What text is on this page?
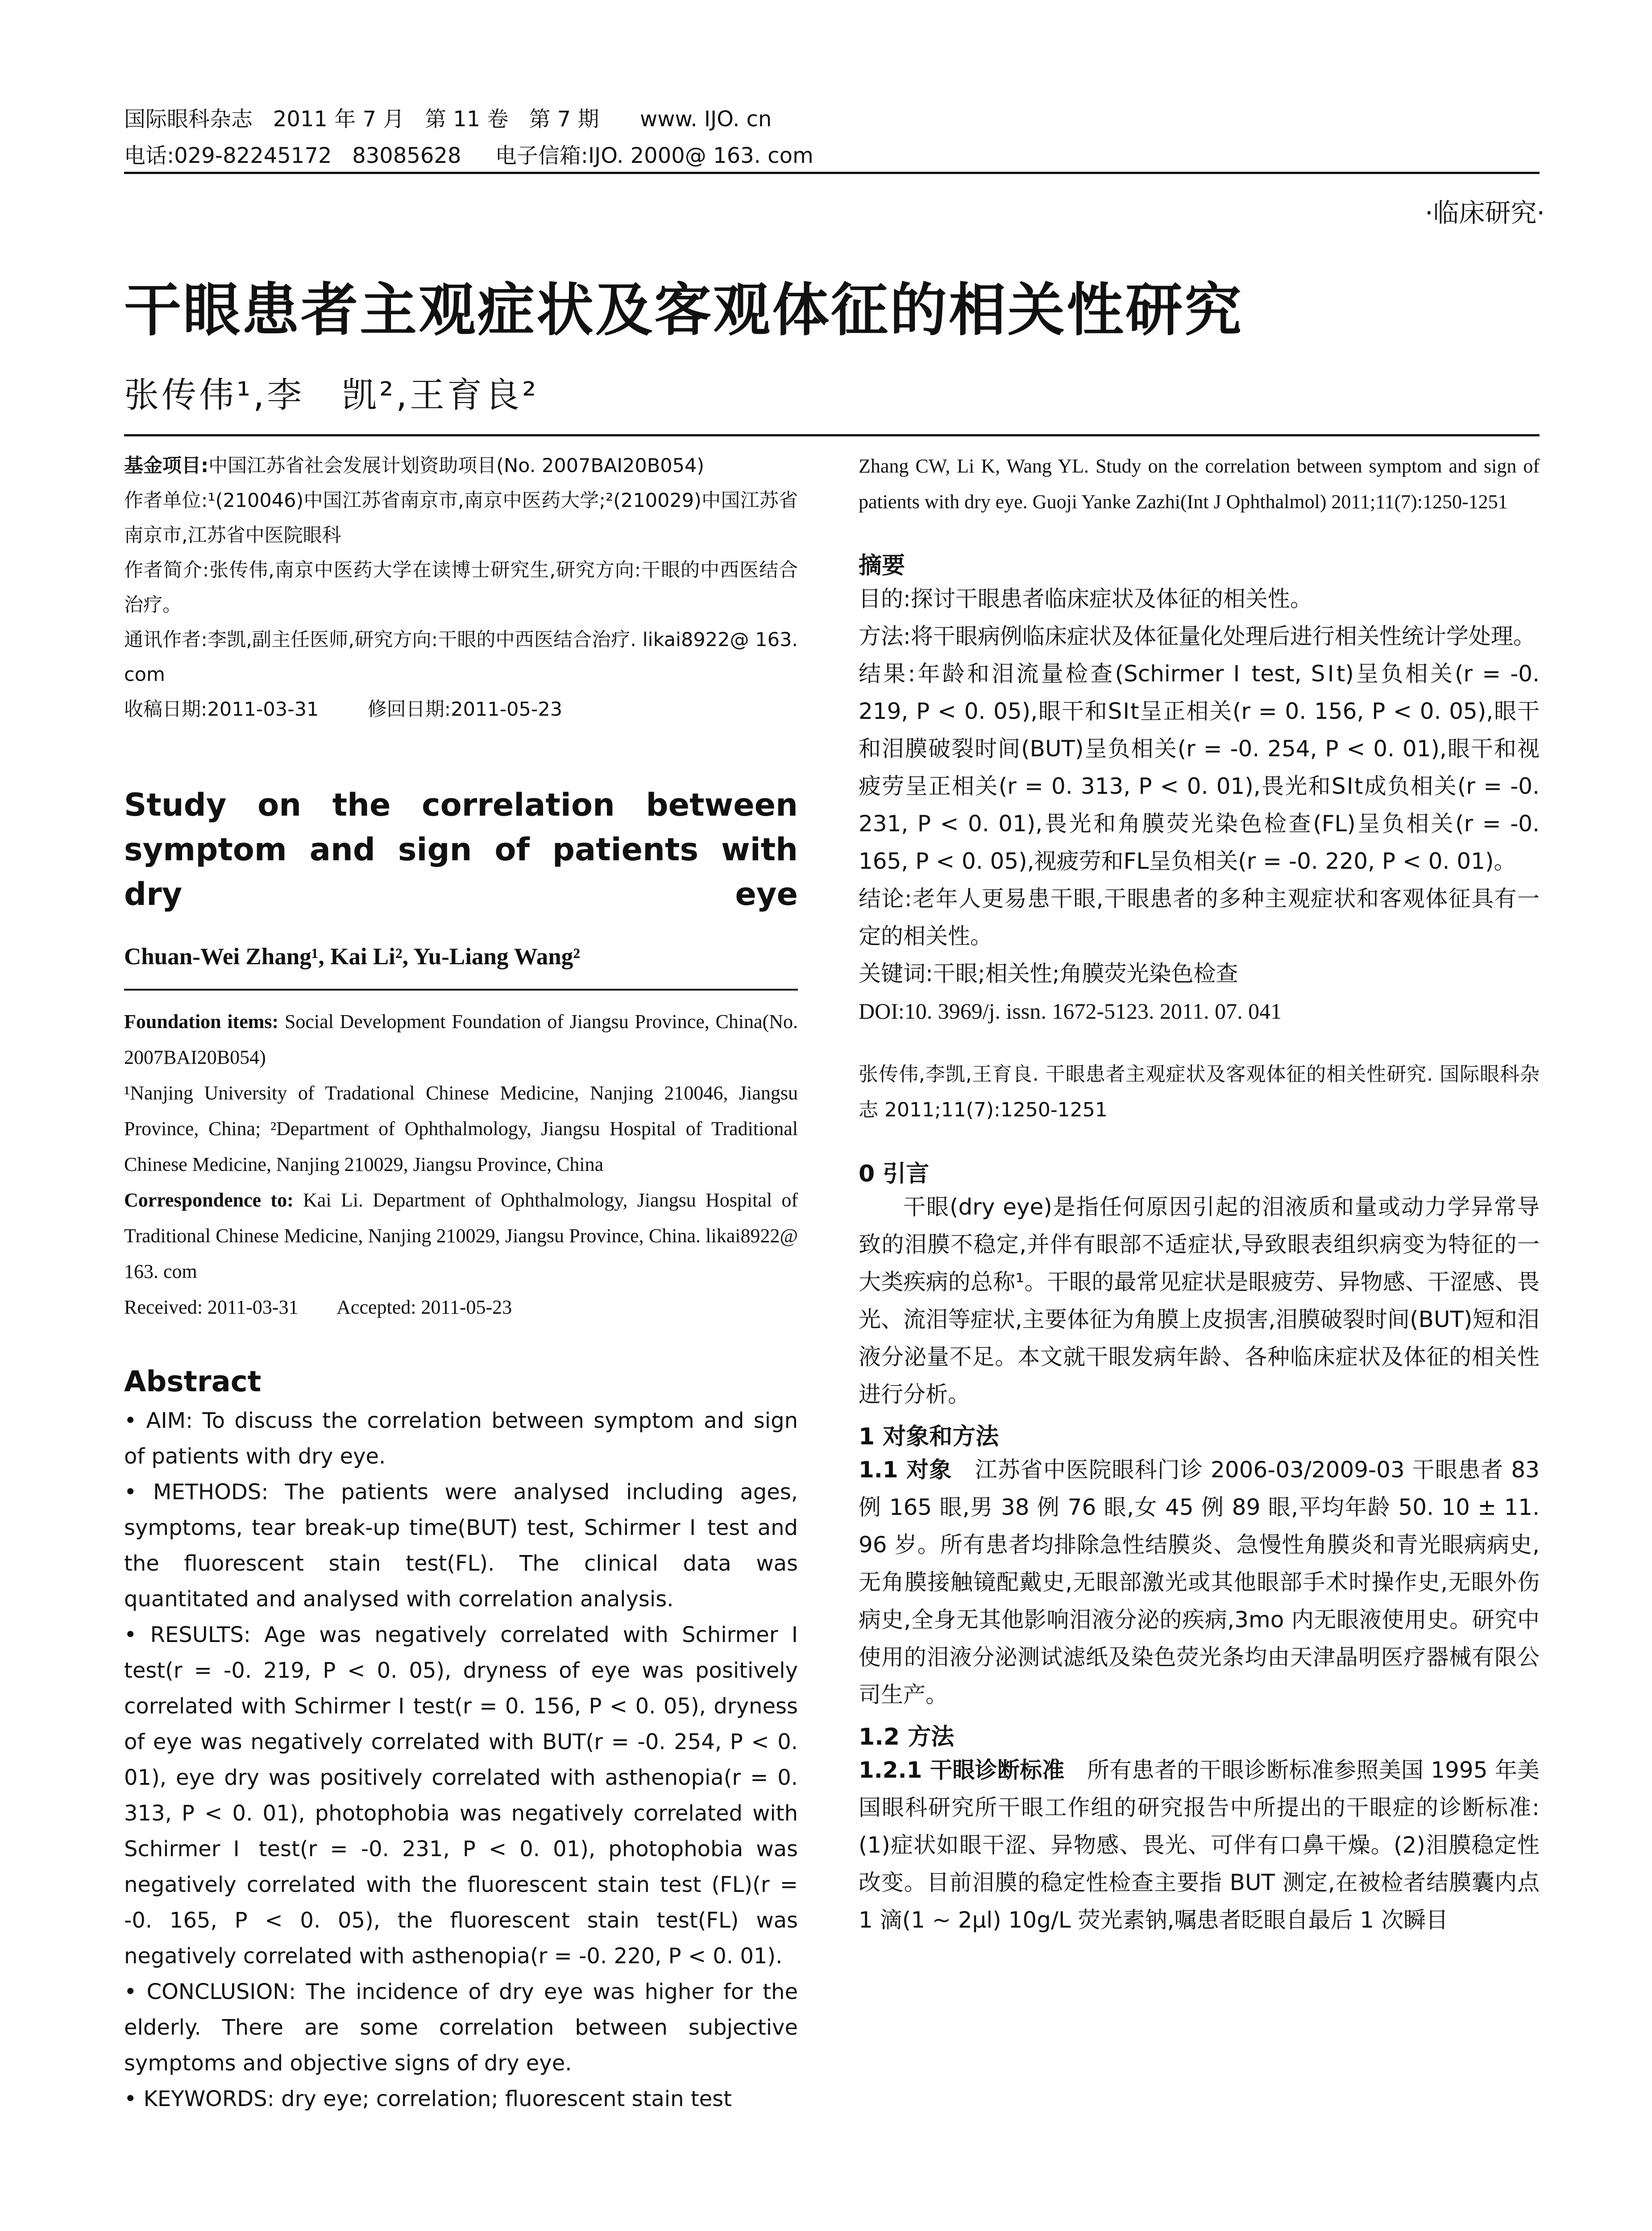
国际眼科杂志   2011 年 7 月   第 11 卷   第 7 期      www. IJO. cn
电话:029-82245172   83085628     电子信箱:IJO. 2000@ 163. com
·临床研究·
干眼患者主观症状及客观体征的相关性研究
张传伟¹,李　凯²,王育良²

基金项目:中国江苏省社会发展计划资助项目(No. 2007BAI20B054)

作者单位:¹(210046)中国江苏省南京市,南京中医药大学;²(210029)中国江苏省南京市,江苏省中医院眼科

作者简介:张传伟,南京中医药大学在读博士研究生,研究方向:干眼的中西医结合治疗。

通讯作者:李凯,副主任医师,研究方向:干眼的中西医结合治疗. likai8922@ 163. com

收稿日期:2011-03-31        修回日期:2011-05-23

Study on the correlation between symptom and sign of patients with dry eye
Chuan-Wei Zhang¹, Kai Li², Yu-Liang Wang²

Foundation items: Social Development Foundation of Jiangsu Province, China(No. 2007BAI20B054)

¹Nanjing University of Tradational Chinese Medicine, Nanjing 210046, Jiangsu Province, China; ²Department of Ophthalmology, Jiangsu Hospital of Traditional Chinese Medicine, Nanjing 210029, Jiangsu Province, China

Correspondence to: Kai Li. Department of Ophthalmology, Jiangsu Hospital of Traditional Chinese Medicine, Nanjing 210029, Jiangsu Province, China. likai8922@ 163. com

Received: 2011-03-31        Accepted: 2011-05-23

Abstract

• AIM: To discuss the correlation between symptom and sign of patients with dry eye.

• METHODS: The patients were analysed including ages, symptoms, tear break-up time(BUT) test, Schirmer Ⅰ test and the fluorescent stain test(FL). The clinical data was quantitated and analysed with correlation analysis.

• RESULTS: Age was negatively correlated with Schirmer Ⅰ test(r = -0. 219, P < 0. 05), dryness of eye was positively correlated with Schirmer Ⅰ test(r = 0. 156, P < 0. 05), dryness of eye was negatively correlated with BUT(r = -0. 254, P < 0. 01), eye dry was positively correlated with asthenopia(r = 0. 313, P < 0. 01), photophobia was negatively correlated with Schirmer Ⅰ test(r = -0. 231, P < 0. 01), photophobia was negatively correlated with the fluorescent stain test (FL)(r = -0. 165, P < 0. 05), the fluorescent stain test(FL) was negatively correlated with asthenopia(r = -0. 220, P < 0. 01).

• CONCLUSION: The incidence of dry eye was higher for the elderly. There are some correlation between subjective symptoms and objective signs of dry eye.

• KEYWORDS: dry eye; correlation; fluorescent stain test

Zhang CW, Li K, Wang YL. Study on the correlation between symptom and sign of patients with dry eye. Guoji Yanke Zazhi(Int J Ophthalmol) 2011;11(7):1250-1251

摘要

目的:探讨干眼患者临床症状及体征的相关性。

方法:将干眼病例临床症状及体征量化处理后进行相关性统计学处理。

结果:年龄和泪流量检查(Schirmer Ⅰ test, SⅠt)呈负相关(r = -0. 219, P < 0. 05),眼干和SⅠt呈正相关(r = 0. 156, P < 0. 05),眼干和泪膜破裂时间(BUT)呈负相关(r = -0. 254, P < 0. 01),眼干和视疲劳呈正相关(r = 0. 313, P < 0. 01),畏光和SⅠt成负相关(r = -0. 231, P < 0. 01),畏光和角膜荧光染色检查(FL)呈负相关(r = -0. 165, P < 0. 05),视疲劳和FL呈负相关(r = -0. 220, P < 0. 01)。

结论:老年人更易患干眼,干眼患者的多种主观症状和客观体征具有一定的相关性。

关键词:干眼;相关性;角膜荧光染色检查

DOI:10. 3969/j. issn. 1672-5123. 2011. 07. 041

张传伟,李凯,王育良. 干眼患者主观症状及客观体征的相关性研究. 国际眼科杂志 2011;11(7):1250-1251

0 引言

干眼(dry eye)是指任何原因引起的泪液质和量或动力学异常导致的泪膜不稳定,并伴有眼部不适症状,导致眼表组织病变为特征的一大类疾病的总称¹。干眼的最常见症状是眼疲劳、异物感、干涩感、畏光、流泪等症状,主要体征为角膜上皮损害,泪膜破裂时间(BUT)短和泪液分泌量不足。本文就干眼发病年龄、各种临床症状及体征的相关性进行分析。

1 对象和方法

1.1 对象　 江苏省中医院眼科门诊 2006-03/2009-03 干眼患者 83 例 165 眼,男 38 例 76 眼,女 45 例 89 眼,平均年龄 50. 10 ± 11. 96 岁。所有患者均排除急性结膜炎、急慢性角膜炎和青光眼病病史,无角膜接触镜配戴史,无眼部激光或其他眼部手术时操作史,无眼外伤病史,全身无其他影响泪液分泌的疾病,3mo 内无眼液使用史。研究中使用的泪液分泌测试滤纸及染色荧光条均由天津晶明医疗器械有限公司生产。

1.2 方法

1.2.1 干眼诊断标准　 所有患者的干眼诊断标准参照美国 1995 年美国眼科研究所干眼工作组的研究报告中所提出的干眼症的诊断标准:(1)症状如眼干涩、异物感、畏光、可伴有口鼻干燥。(2)泪膜稳定性改变。目前泪膜的稳定性检查主要指 BUT 测定,在被检者结膜囊内点 1 滴(1 ~ 2μl) 10g/L 荧光素钠,嘱患者眨眼自最后 1 次瞬目
